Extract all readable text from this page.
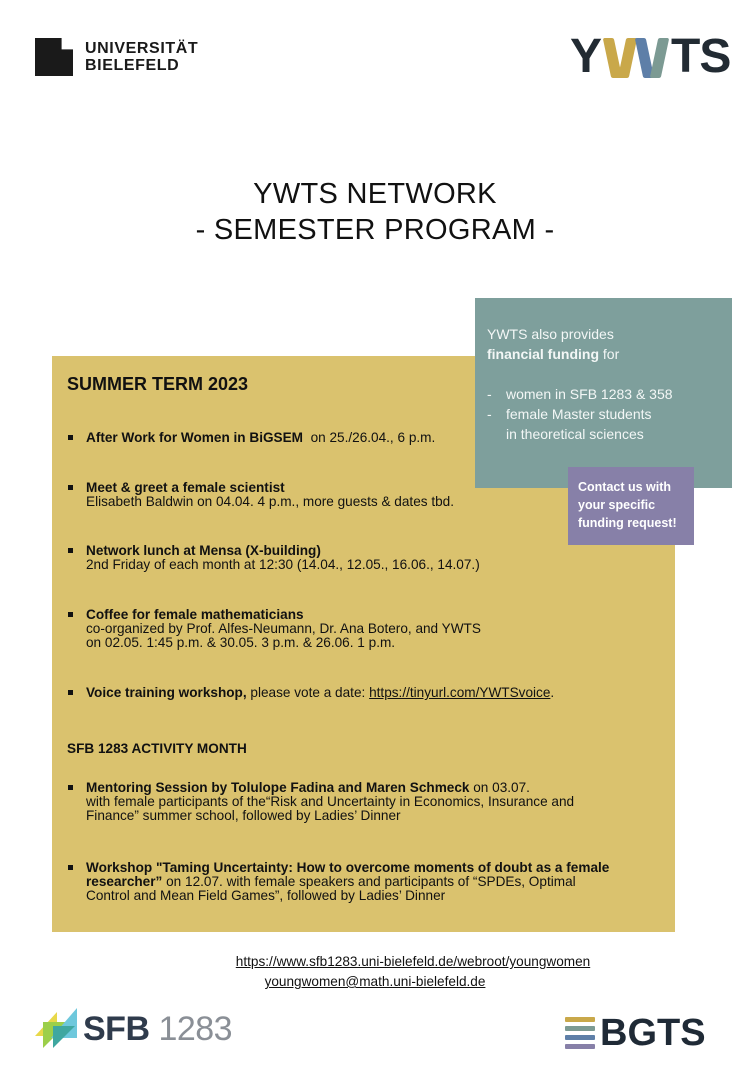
UNIVERSITÄT
BIELEFELD	Y TS
YWTS NETWORK
- SEMESTER PROGRAM -
SUMMER TERM 2023
After Work for Women in BiGSEM  on 25./26.04., 6 p.m.
Meet & greet a female scientist
Elisabeth Baldwin on 04.04. 4 p.m., more guests & dates tbd.
Network lunch at Mensa (X-building)
2nd Friday of each month at 12:30 (14.04., 12.05., 16.06., 14.07.)
Coffee for female mathematicians
co-organized by Prof. Alfes-Neumann, Dr. Ana Botero, and YWTS
on 02.05. 1:45 p.m. & 30.05. 3 p.m. & 26.06. 1 p.m.
Voice training workshop, please vote a date: https://tinyurl.com/YWTSvoice.
SFB 1283 ACTIVITY MONTH
Mentoring Session by Tolulope Fadina and Maren Schmeck on 03.07.
with female participants of the“Risk and Uncertainty in Economics, Insurance and
Finance” summer school, followed by Ladies’ Dinner
Workshop "Taming Uncertainty: How to overcome moments of doubt as a female
researcher” on 12.07. with female speakers and participants of “SPDEs, Optimal
Control and Mean Field Games”, followed by Ladies’ Dinner
YWTS also provides
financial funding for
- women in SFB 1283 & 358
- female Master students
in theoretical sciences
Contact us with
your specific
funding request!
https://www.sfb1283.uni-bielefeld.de/webroot/youngwomen
youngwomen@math.uni-bielefeld.de
SFB 1283	BGTS
